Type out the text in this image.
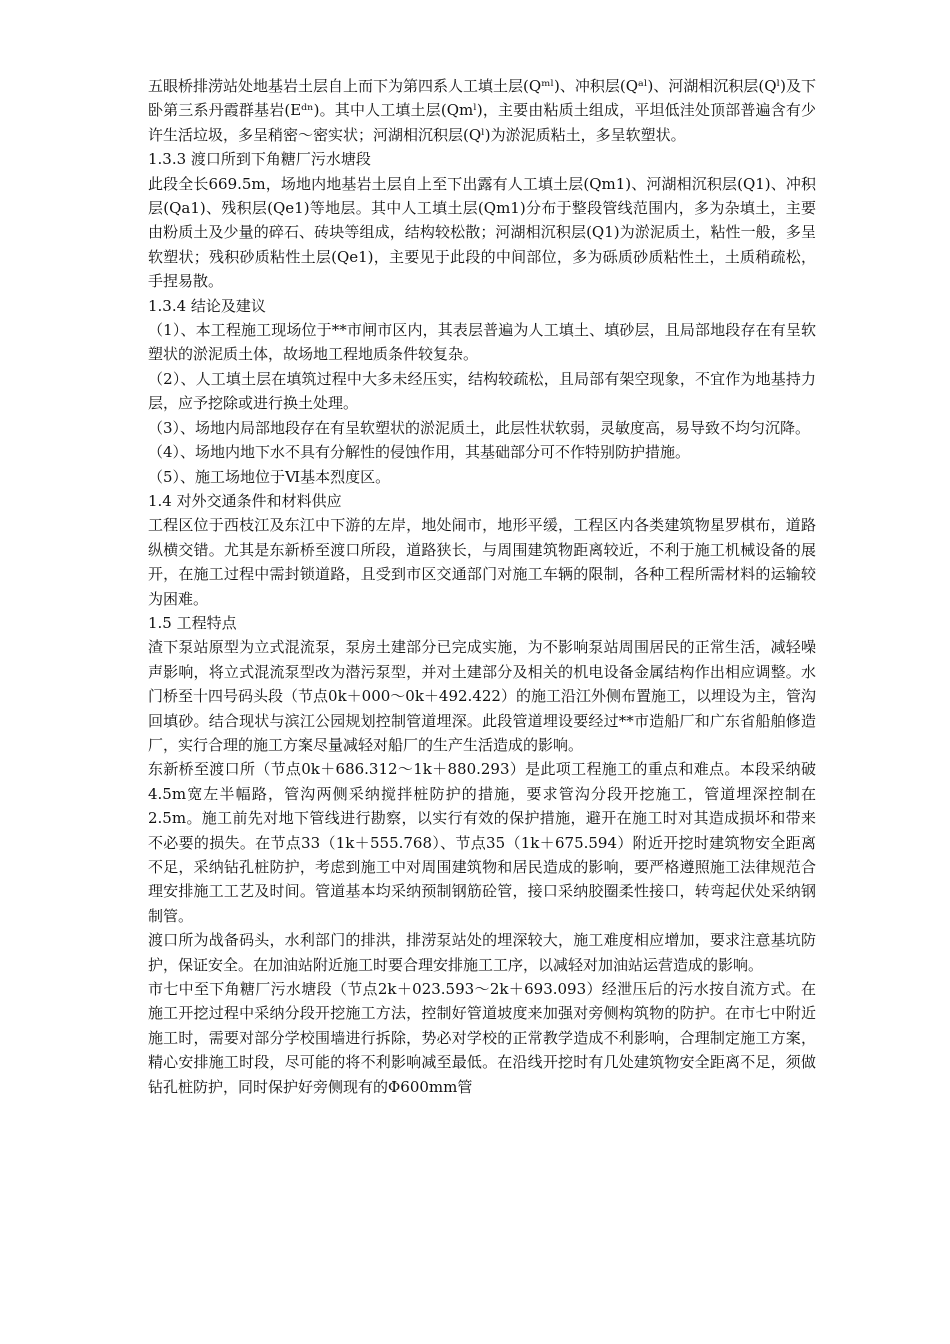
五眼桥排涝站处地基岩土层自上而下为第四系人工填土层(Qᵐˡ)、冲积层(Qᵃˡ)、河湖相沉积层(Qˡ)及下卧第三系丹霞群基岩(Eᵈⁿ)。其中人工填土层(Qmˡ)，主要由粘质土组成，平坦低洼处顶部普遍含有少许生活垃圾，多呈稍密～密实状；河湖相沉积层(Qˡ)为淤泥质粘土，多呈软塑状。

1.3.3 渡口所到下角糖厂污水塘段

此段全长669.5m，场地内地基岩土层自上至下出露有人工填土层(Qm1)、河湖相沉积层(Q1)、冲积层(Qa1)、残积层(Qe1)等地层。其中人工填土层(Qm1)分布于整段管线范围内，多为杂填土，主要由粉质土及少量的碎石、砖块等组成，结构较松散；河湖相沉积层(Q1)为淤泥质土，粘性一般，多呈软塑状；残积砂质粘性土层(Qe1)，主要见于此段的中间部位，多为砾质砂质粘性土，土质稍疏松，手捏易散。

1.3.4 结论及建议

（1）、本工程施工现场位于**市闸市区内，其表层普遍为人工填土、填砂层，且局部地段存在有呈软塑状的淤泥质土体，故场地工程地质条件较复杂。

（2）、人工填土层在填筑过程中大多未经压实，结构较疏松，且局部有架空现象，不宜作为地基持力层，应予挖除或进行换土处理。

（3）、场地内局部地段存在有呈软塑状的淤泥质土，此层性状软弱，灵敏度高，易导致不均匀沉降。

（4）、场地内地下水不具有分解性的侵蚀作用，其基础部分可不作特别防护措施。

（5）、施工场地位于Ⅵ基本烈度区。

1.4 对外交通条件和材料供应

工程区位于西枝江及东江中下游的左岸，地处闹市，地形平缓，工程区内各类建筑物星罗棋布，道路纵横交错。尤其是东新桥至渡口所段，道路狭长，与周围建筑物距离较近，不利于施工机械设备的展开，在施工过程中需封锁道路，且受到市区交通部门对施工车辆的限制，各种工程所需材料的运输较为困难。

1.5 工程特点

渣下泵站原型为立式混流泵，泵房土建部分已完成实施，为不影响泵站周围居民的正常生活，减轻噪声影响，将立式混流泵型改为潜污泵型，并对土建部分及相关的机电设备金属结构作出相应调整。水门桥至十四号码头段（节点0k＋000～0k＋492.422）的施工沿江外侧布置施工，以埋设为主，管沟回填砂。结合现状与滨江公园规划控制管道埋深。此段管道埋设要经过**市造船厂和广东省船舶修造厂，实行合理的施工方案尽量减轻对船厂的生产生活造成的影响。

东新桥至渡口所（节点0k＋686.312～1k＋880.293）是此项工程施工的重点和难点。本段采纳破4.5m宽左半幅路，管沟两侧采纳搅拌桩防护的措施，要求管沟分段开挖施工，管道埋深控制在2.5m。施工前先对地下管线进行勘察，以实行有效的保护措施，避开在施工时对其造成损坏和带来不必要的损失。在节点33（1k＋555.768）、节点35（1k＋675.594）附近开挖时建筑物安全距离不足，采纳钻孔桩防护，考虑到施工中对周围建筑物和居民造成的影响，要严格遵照施工法律规范合理安排施工工艺及时间。管道基本均采纳预制钢筋砼管，接口采纳胶圈柔性接口，转弯起伏处采纳钢制管。

渡口所为战备码头，水利部门的排洪，排涝泵站处的埋深较大，施工难度相应增加，要求注意基坑防护，保证安全。在加油站附近施工时要合理安排施工工序，以减轻对加油站运营造成的影响。

市七中至下角糖厂污水塘段（节点2k＋023.593～2k＋693.093）经泄压后的污水按自流方式。在施工开挖过程中采纳分段开挖施工方法，控制好管道坡度来加强对旁侧构筑物的防护。在市七中附近施工时，需要对部分学校围墙进行拆除，势必对学校的正常教学造成不利影响，合理制定施工方案，精心安排施工时段，尽可能的将不利影响减至最低。在沿线开挖时有几处建筑物安全距离不足，须做钻孔桩防护，同时保护好旁侧现有的Φ600mm管
